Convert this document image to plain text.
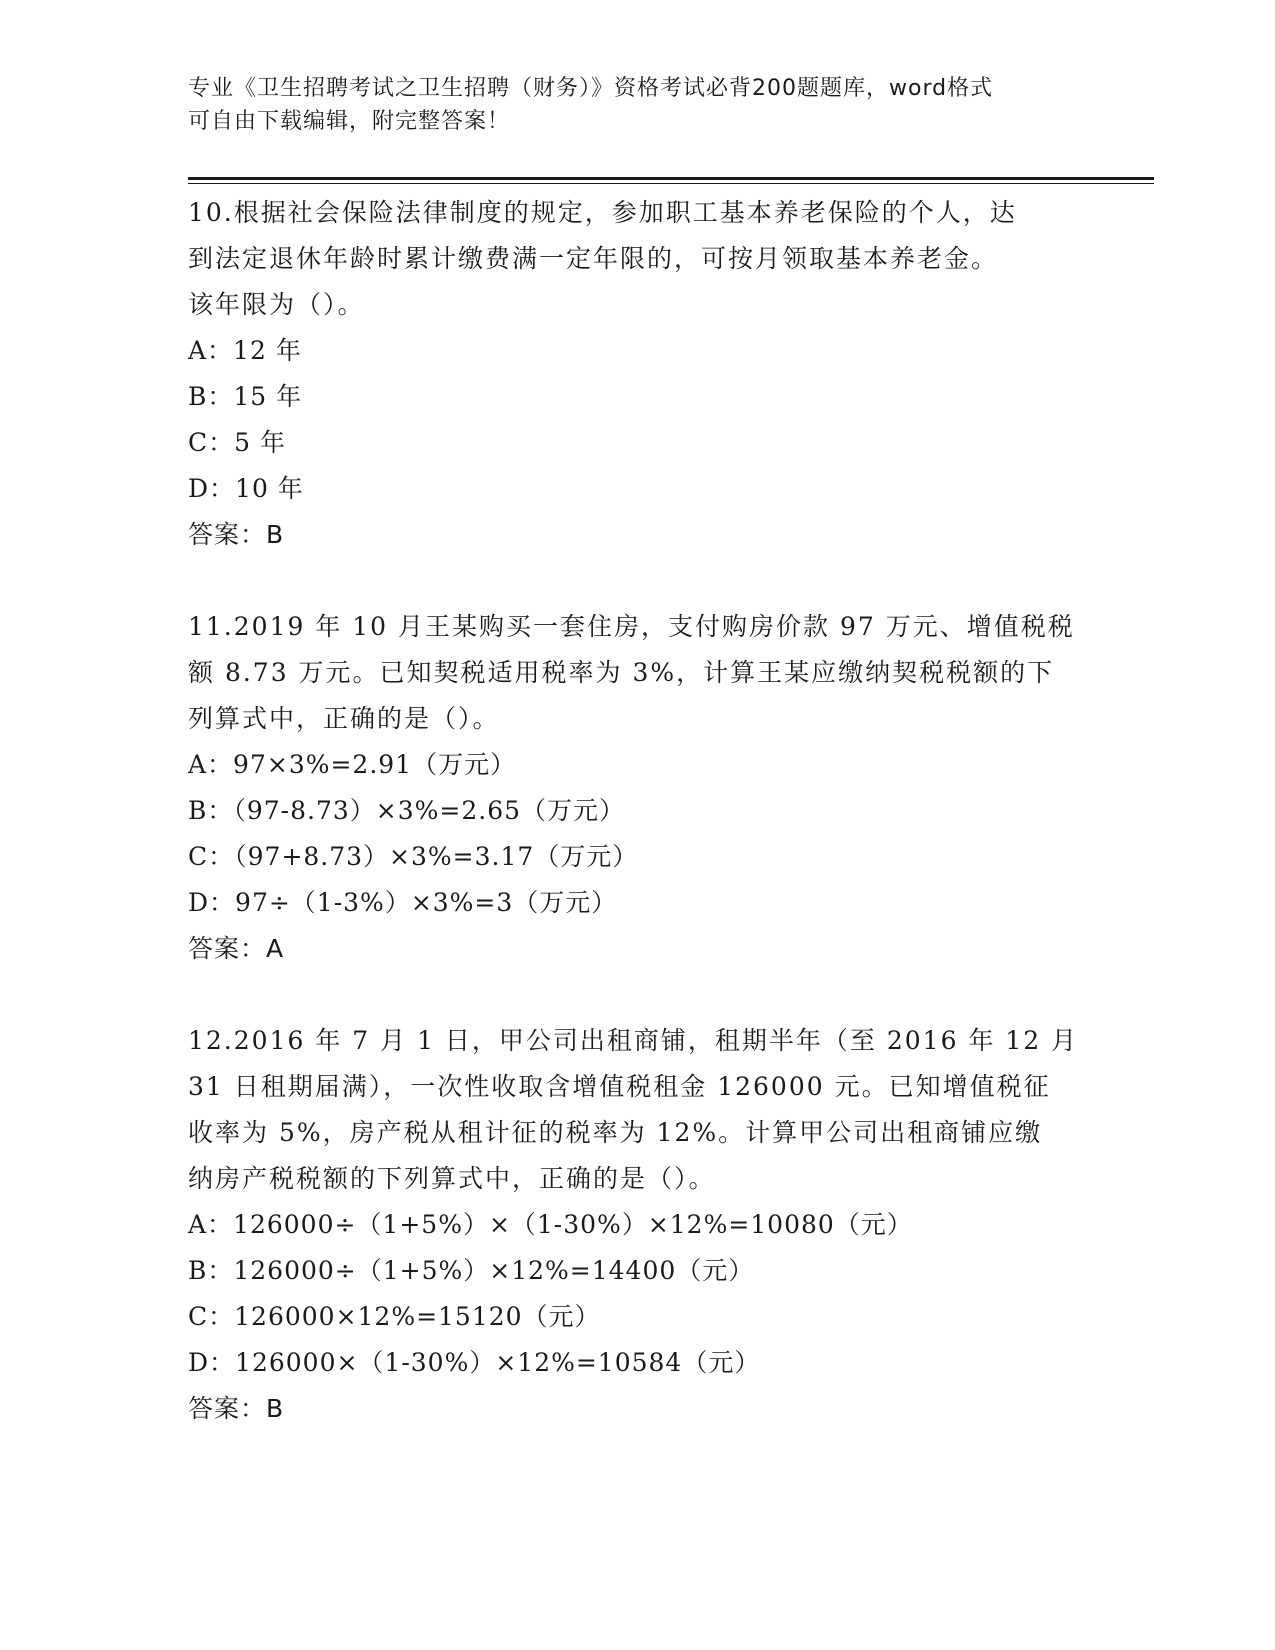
专业《卫生招聘考试之卫生招聘（财务）》资格考试必背200题题库，word格式
可自由下载编辑，附完整答案！
10.根据社会保险法律制度的规定，参加职工基本养老保险的个人，达
到法定退休年龄时累计缴费满一定年限的，可按月领取基本养老金。
该年限为（）。
A：12 年
B：15 年
C：5 年
D：10 年
答案：B
11.2019 年 10 月王某购买一套住房，支付购房价款 97 万元、增值税税
额 8.73 万元。已知契税适用税率为 3%，计算王某应缴纳契税税额的下
列算式中，正确的是（）。
A：97×3%=2.91（万元）
B：（97-8.73）×3%=2.65（万元）
C：（97+8.73）×3%=3.17（万元）
D：97÷（1-3%）×3%=3（万元）
答案：A
12.2016 年 7 月 1 日，甲公司出租商铺，租期半年（至 2016 年 12 月
31 日租期届满），一次性收取含增值税租金 126000 元。已知增值税征
收率为 5%，房产税从租计征的税率为 12%。计算甲公司出租商铺应缴
纳房产税税额的下列算式中，正确的是（）。
A：126000÷（1+5%）×（1-30%）×12%=10080（元）
B：126000÷（1+5%）×12%=14400（元）
C：126000×12%=15120（元）
D：126000×（1-30%）×12%=10584（元）
答案：B
